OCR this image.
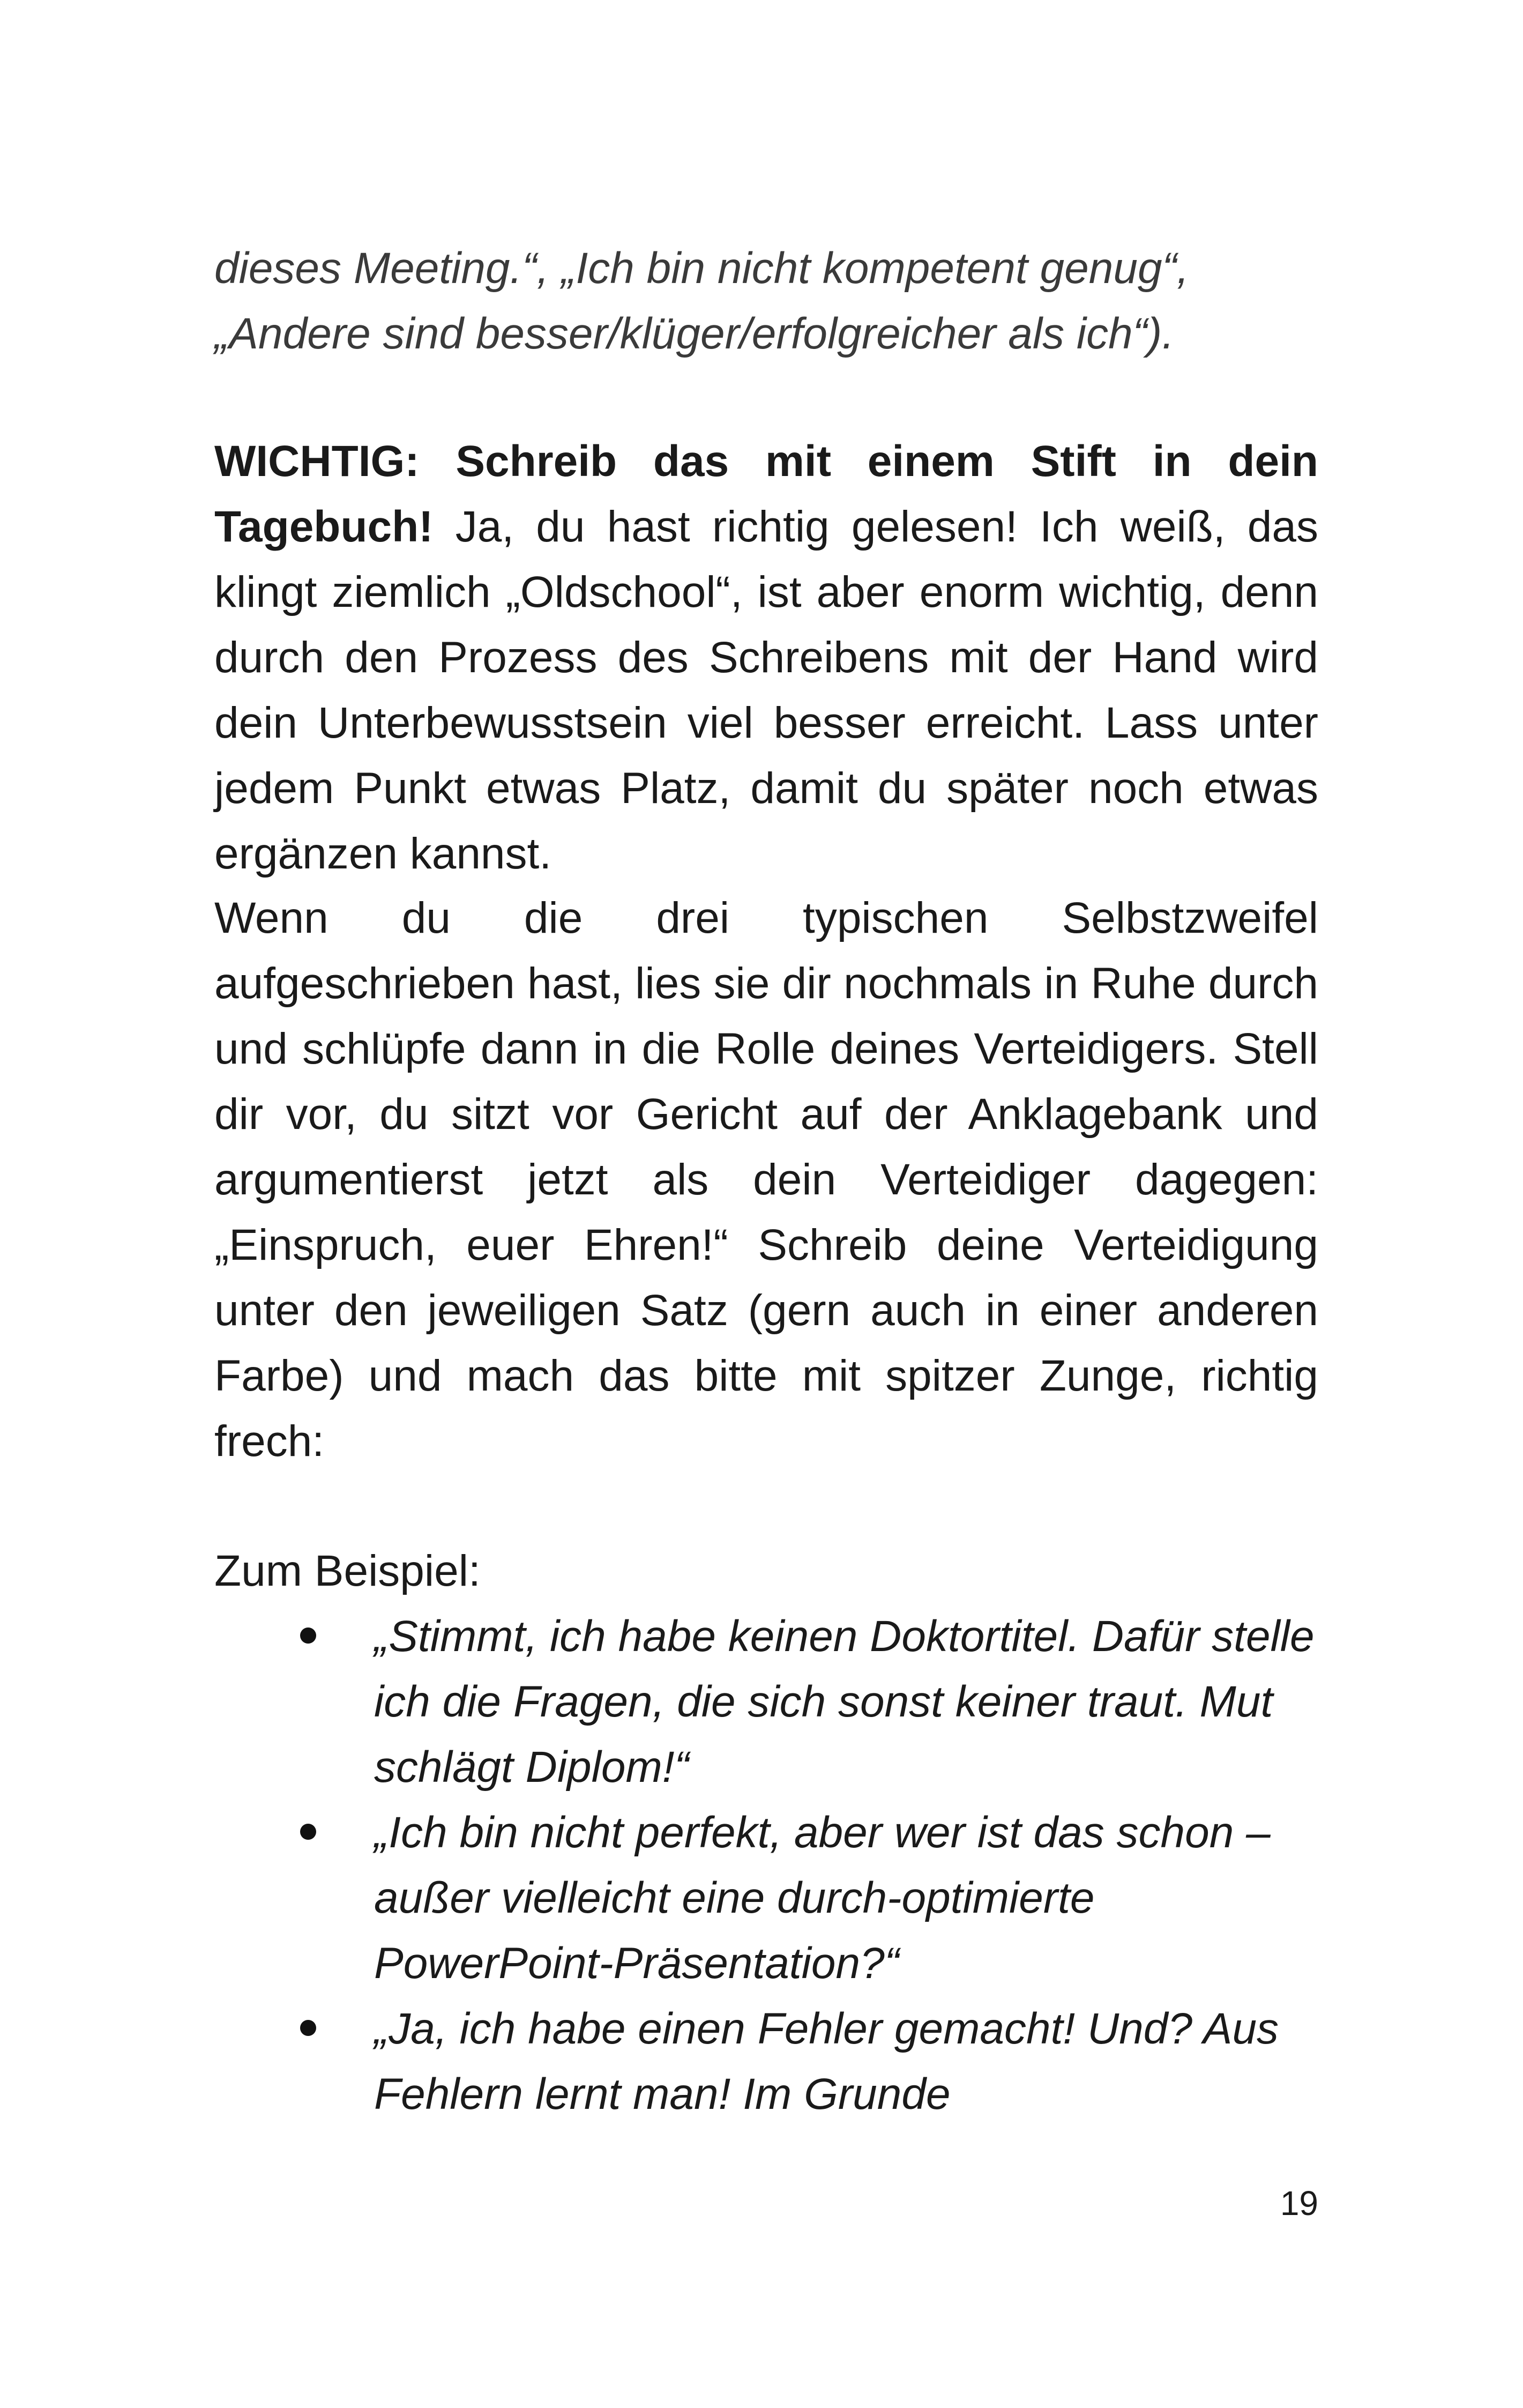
dieses Meeting.“, „Ich bin nicht kompetent genug“, „Andere sind besser/klüger/erfolgreicher als ich“).

WICHTIG: Schreib das mit einem Stift in dein Tagebuch! Ja, du hast richtig gelesen! Ich weiß, das klingt ziemlich „Oldschool“, ist aber enorm wichtig, denn durch den Prozess des Schreibens mit der Hand wird dein Unterbewusstsein viel besser erreicht. Lass unter jedem Punkt etwas Platz, damit du später noch etwas ergänzen kannst.

Wenn du die drei typischen Selbstzweifel aufgeschrieben hast, lies sie dir nochmals in Ruhe durch und schlüpfe dann in die Rolle deines Verteidigers. Stell dir vor, du sitzt vor Gericht auf der Anklagebank und argumentierst jetzt als dein Verteidiger dagegen: „Einspruch, euer Ehren!“ Schreib deine Verteidigung unter den jeweiligen Satz (gern auch in einer anderen Farbe) und mach das bitte mit spitzer Zunge, richtig frech:

Zum Beispiel:

„Stimmt, ich habe keinen Doktortitel. Dafür stelle ich die Fragen, die sich sonst keiner traut. Mut schlägt Diplom!“
„Ich bin nicht perfekt, aber wer ist das schon – außer vielleicht eine durch-optimierte PowerPoint-Präsentation?“
„Ja, ich habe einen Fehler gemacht! Und? Aus Fehlern lernt man! Im Grunde
19
